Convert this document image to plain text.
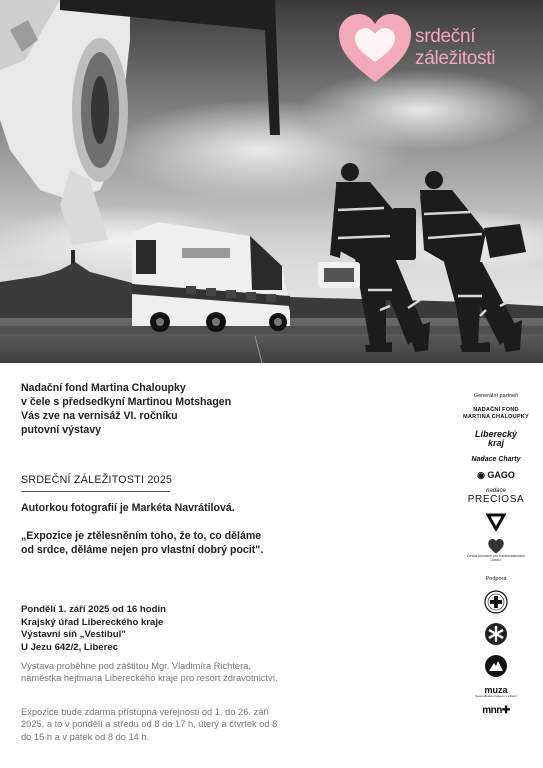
srdeční
záležitosti
Nadační fond Martina Chaloupky
v čele s předsedkyní Martinou Motshagen
Vás zve na vernisáž VI. ročníku
putovní výstavy
SRDEČNÍ ZÁLEŽITOSTI 2025
Autorkou fotografií je Markéta Navrátilová.
„Expozice je ztělesněním toho, že to, co děláme od srdce, děláme nejen pro vlastní dobrý pocit".
Pondělí 1. září 2025 od 16 hodin
Krajský úřad Libereckého kraje
Výstavní síň „Vestibul"
U Jezu 642/2, Liberec
Výstava proběhne pod záštitou Mgr. Vladimíra Richtera, náměstka hejtmana Libereckého kraje pro resort zdravotnictví.
Expozice bude zdarma přístupná veřejnosti od 1. do 26. září 2025, a to v pondělí a středu od 8 do 17 h, úterý a čtvrtek od 8 do 15 h a v pátek od 8 do 14 h.
Generální partneři
NADAČNÍ FOND
MARTINA CHALOUPKY
Liberecký
kraj
Nadace Charty
◉ GAGO
nadace
PRECIOSA
Česká Asociace pro Kardiovaskulární Zdraví
Podpora
muza
Severočeská muzeum v Liberci
mnn✚
